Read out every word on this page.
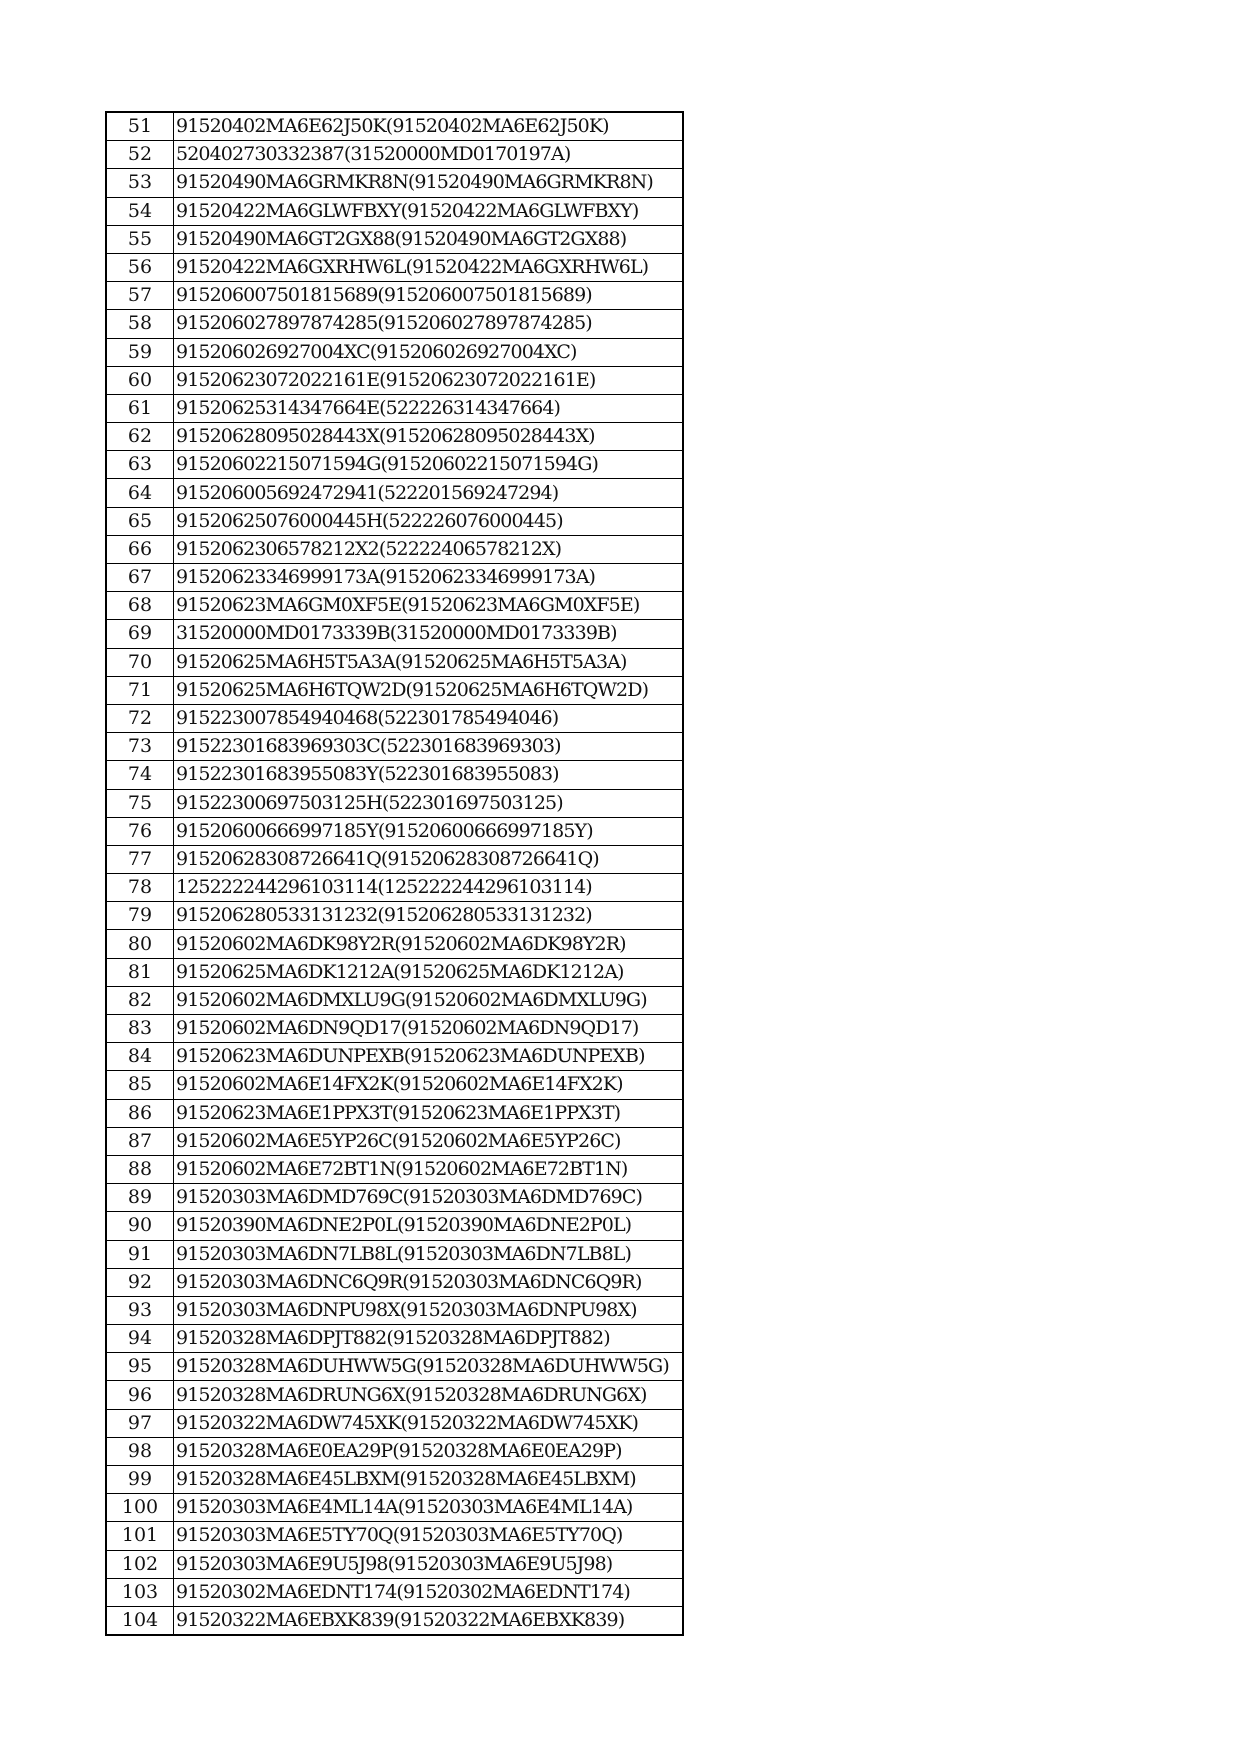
51	91520402MA6E62J50K(91520402MA6E62J50K)
52	520402730332387(31520000MD0170197A)
53	91520490MA6GRMKR8N(91520490MA6GRMKR8N)
54	91520422MA6GLWFBXY(91520422MA6GLWFBXY)
55	91520490MA6GT2GX88(91520490MA6GT2GX88)
56	91520422MA6GXRHW6L(91520422MA6GXRHW6L)
57	915206007501815689(915206007501815689)
58	915206027897874285(915206027897874285)
59	915206026927004XC(915206026927004XC)
60	91520623072022161E(91520623072022161E)
61	91520625314347664E(522226314347664)
62	91520628095028443X(91520628095028443X)
63	91520602215071594G(91520602215071594G)
64	915206005692472941(522201569247294)
65	91520625076000445H(522226076000445)
66	9152062306578212X2(52222406578212X)
67	91520623346999173A(91520623346999173A)
68	91520623MA6GM0XF5E(91520623MA6GM0XF5E)
69	31520000MD0173339B(31520000MD0173339B)
70	91520625MA6H5T5A3A(91520625MA6H5T5A3A)
71	91520625MA6H6TQW2D(91520625MA6H6TQW2D)
72	915223007854940468(522301785494046)
73	91522301683969303C(522301683969303)
74	91522301683955083Y(522301683955083)
75	91522300697503125H(522301697503125)
76	91520600666997185Y(91520600666997185Y)
77	91520628308726641Q(91520628308726641Q)
78	125222244296103114(125222244296103114)
79	915206280533131232(915206280533131232)
80	91520602MA6DK98Y2R(91520602MA6DK98Y2R)
81	91520625MA6DK1212A(91520625MA6DK1212A)
82	91520602MA6DMXLU9G(91520602MA6DMXLU9G)
83	91520602MA6DN9QD17(91520602MA6DN9QD17)
84	91520623MA6DUNPEXB(91520623MA6DUNPEXB)
85	91520602MA6E14FX2K(91520602MA6E14FX2K)
86	91520623MA6E1PPX3T(91520623MA6E1PPX3T)
87	91520602MA6E5YP26C(91520602MA6E5YP26C)
88	91520602MA6E72BT1N(91520602MA6E72BT1N)
89	91520303MA6DMD769C(91520303MA6DMD769C)
90	91520390MA6DNE2P0L(91520390MA6DNE2P0L)
91	91520303MA6DN7LB8L(91520303MA6DN7LB8L)
92	91520303MA6DNC6Q9R(91520303MA6DNC6Q9R)
93	91520303MA6DNPU98X(91520303MA6DNPU98X)
94	91520328MA6DPJT882(91520328MA6DPJT882)
95	91520328MA6DUHWW5G(91520328MA6DUHWW5G)
96	91520328MA6DRUNG6X(91520328MA6DRUNG6X)
97	91520322MA6DW745XK(91520322MA6DW745XK)
98	91520328MA6E0EA29P(91520328MA6E0EA29P)
99	91520328MA6E45LBXM(91520328MA6E45LBXM)
100	91520303MA6E4ML14A(91520303MA6E4ML14A)
101	91520303MA6E5TY70Q(91520303MA6E5TY70Q)
102	91520303MA6E9U5J98(91520303MA6E9U5J98)
103	91520302MA6EDNT174(91520302MA6EDNT174)
104	91520322MA6EBXK839(91520322MA6EBXK839)
